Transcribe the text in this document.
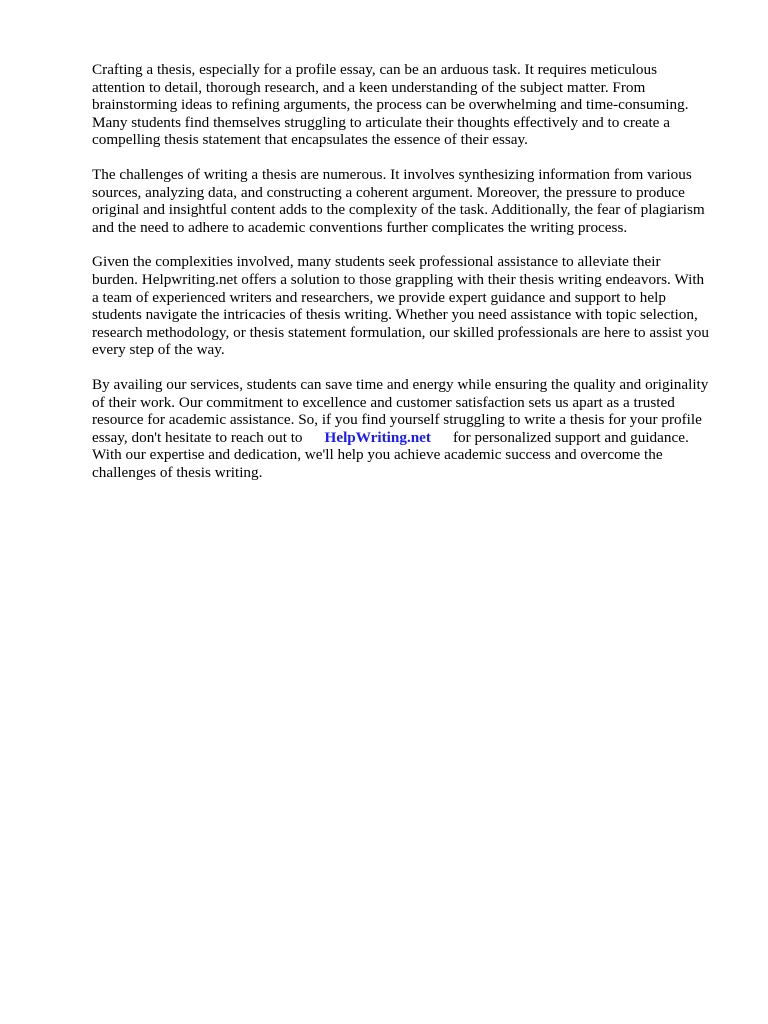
Crafting a thesis, especially for a profile essay, can be an arduous task. It requires meticulous
attention to detail, thorough research, and a keen understanding of the subject matter. From
brainstorming ideas to refining arguments, the process can be overwhelming and time-consuming.
Many students find themselves struggling to articulate their thoughts effectively and to create a
compelling thesis statement that encapsulates the essence of their essay.

The challenges of writing a thesis are numerous. It involves synthesizing information from various
sources, analyzing data, and constructing a coherent argument. Moreover, the pressure to produce
original and insightful content adds to the complexity of the task. Additionally, the fear of plagiarism
and the need to adhere to academic conventions further complicates the writing process.

Given the complexities involved, many students seek professional assistance to alleviate their
burden. Helpwriting.net offers a solution to those grappling with their thesis writing endeavors. With
a team of experienced writers and researchers, we provide expert guidance and support to help
students navigate the intricacies of thesis writing. Whether you need assistance with topic selection,
research methodology, or thesis statement formulation, our skilled professionals are here to assist you
every step of the way.

By availing our services, students can save time and energy while ensuring the quality and originality
of their work. Our commitment to excellence and customer satisfaction sets us apart as a trusted
resource for academic assistance. So, if you find yourself struggling to write a thesis for your profile
essay, don't hesitate to reach out to HelpWriting.net for personalized support and guidance.
With our expertise and dedication, we'll help you achieve academic success and overcome the
challenges of thesis writing.
